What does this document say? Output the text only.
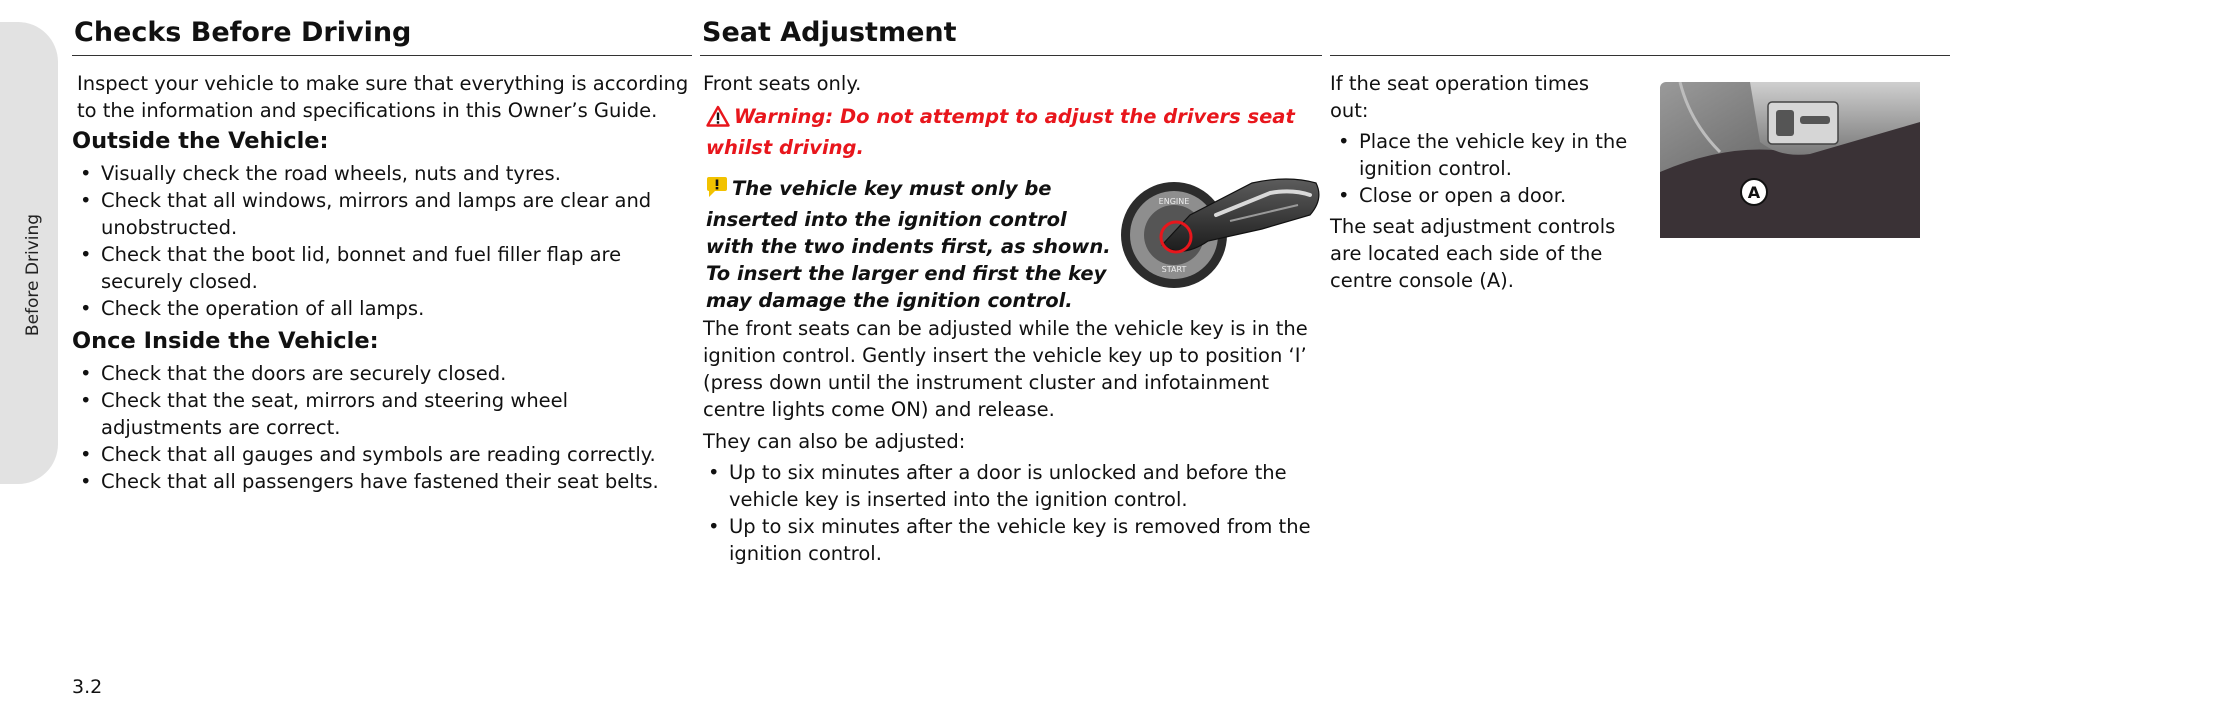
Before Driving
Checks Before Driving

Inspect your vehicle to make sure that everything is according to the information and specifications in this Owner’s Guide.

Outside the Vehicle:
• Visually check the road wheels, nuts and tyres.
• Check that all windows, mirrors and lamps are clear and unobstructed.
• Check that the boot lid, bonnet and fuel filler flap are securely closed.
• Check the operation of all lamps.
Once Inside the Vehicle:
• Check that the doors are securely closed.
• Check that the seat, mirrors and steering wheel adjustments are correct.
• Check that all gauges and symbols are reading correctly.
• Check that all passengers have fastened their seat belts.
Seat Adjustment

Front seats only.

Warning: Do not attempt to adjust the drivers seat whilst driving.
The vehicle key must only be inserted into the ignition control with the two indents first, as shown. To insert the larger end first the key may damage the ignition control.
ENGINE
START

The front seats can be adjusted while the vehicle key is in the ignition control. Gently insert the vehicle key up to position ‘I’ (press down until the instrument cluster and infotainment centre lights come ON) and release.

They can also be adjusted:

• Up to six minutes after a door is unlocked and before the vehicle key is inserted into the ignition control.
• Up to six minutes after the vehicle key is removed from the ignition control.

If the seat operation times out:

• Place the vehicle key in the ignition control.
• Close or open a door.

The seat adjustment controls are located each side of the centre console (A).

A
3.2
